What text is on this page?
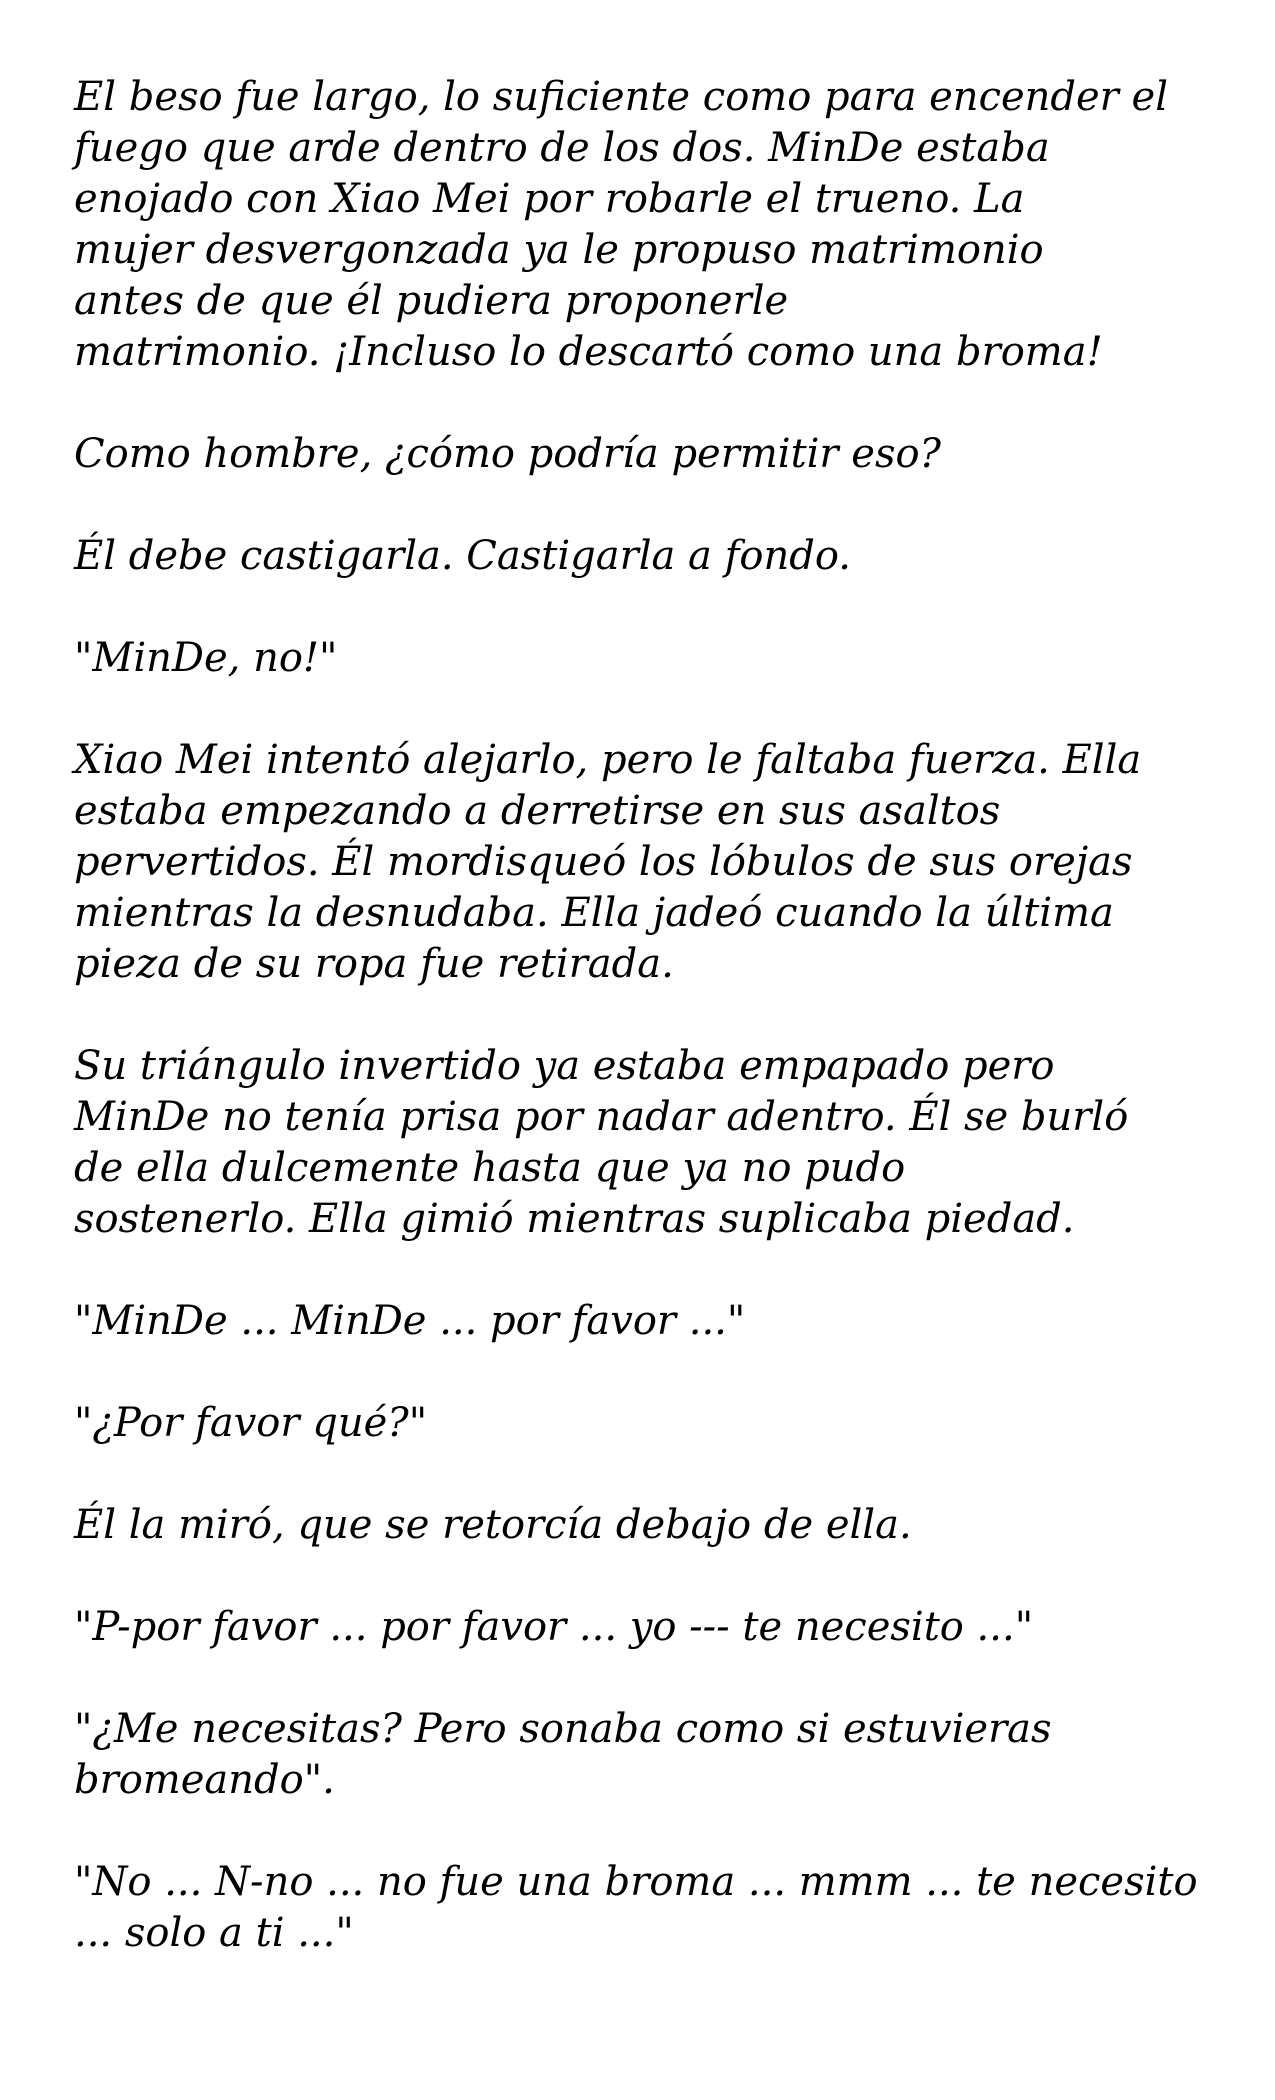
El beso fue largo, lo suficiente como para encender el
fuego que arde dentro de los dos. MinDe estaba
enojado con Xiao Mei por robarle el trueno. La
mujer desvergonzada ya le propuso matrimonio
antes de que él pudiera proponerle
matrimonio. ¡Incluso lo descartó como una broma!

Como hombre, ¿cómo podría permitir eso?

Él debe castigarla. Castigarla a fondo.

"MinDe, no!"

Xiao Mei intentó alejarlo, pero le faltaba fuerza. Ella
estaba empezando a derretirse en sus asaltos
pervertidos. Él mordisqueó los lóbulos de sus orejas
mientras la desnudaba. Ella jadeó cuando la última
pieza de su ropa fue retirada.

Su triángulo invertido ya estaba empapado pero
MinDe no tenía prisa por nadar adentro. Él se burló
de ella dulcemente hasta que ya no pudo
sostenerlo. Ella gimió mientras suplicaba piedad.

"MinDe ... MinDe ... por favor ..."

"¿Por favor qué?"

Él la miró, que se retorcía debajo de ella.

"P-por favor ... por favor ... yo --- te necesito ..."

"¿Me necesitas? Pero sonaba como si estuvieras
bromeando".

"No ... N-no ... no fue una broma ... mmm ... te necesito
... solo a ti ..."
